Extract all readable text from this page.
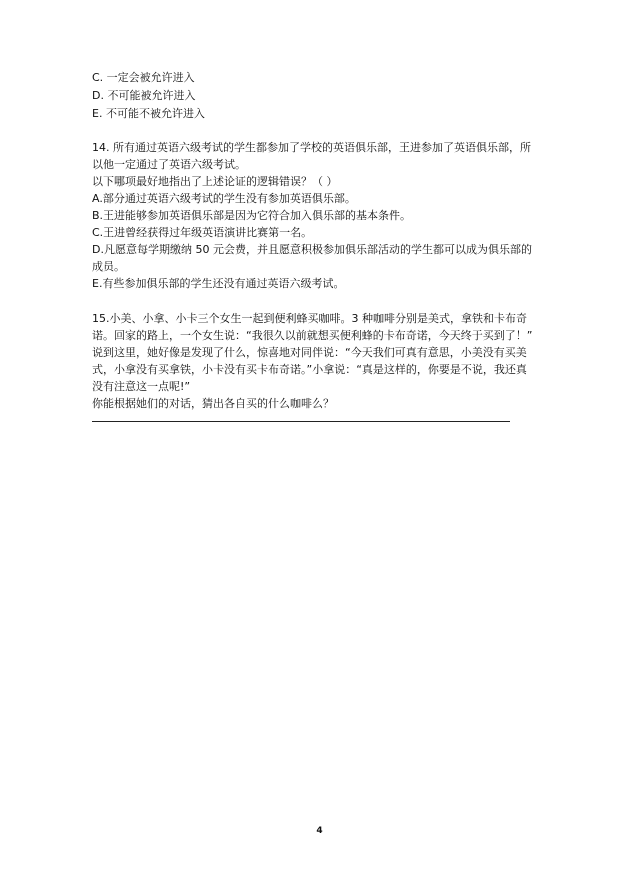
C. 一定会被允许进入
D. 不可能被允许进入
E. 不可能不被允许进入
14. 所有通过英语六级考试的学生都参加了学校的英语俱乐部，王进参加了英语俱乐部，所
以他一定通过了英语六级考试。
以下哪项最好地指出了上述论证的逻辑错误？（ ）
A.部分通过英语六级考试的学生没有参加英语俱乐部。
B.王进能够参加英语俱乐部是因为它符合加入俱乐部的基本条件。
C.王进曾经获得过年级英语演讲比赛第一名。
D.凡愿意每学期缴纳 50 元会费，并且愿意积极参加俱乐部活动的学生都可以成为俱乐部的
成员。
E.有些参加俱乐部的学生还没有通过英语六级考试。
15.小美、小拿、小卡三个女生一起到便利蜂买咖啡。3 种咖啡分别是美式，拿铁和卡布奇
诺。回家的路上，一个女生说：“我很久以前就想买便利蜂的卡布奇诺，今天终于买到了！”
说到这里，她好像是发现了什么，惊喜地对同伴说：“今天我们可真有意思，小美没有买美
式，小拿没有买拿铁，小卡没有买卡布奇诺。”小拿说：“真是这样的，你要是不说，我还真
没有注意这一点呢!”
你能根据她们的对话，猜出各自买的什么咖啡么？
4
